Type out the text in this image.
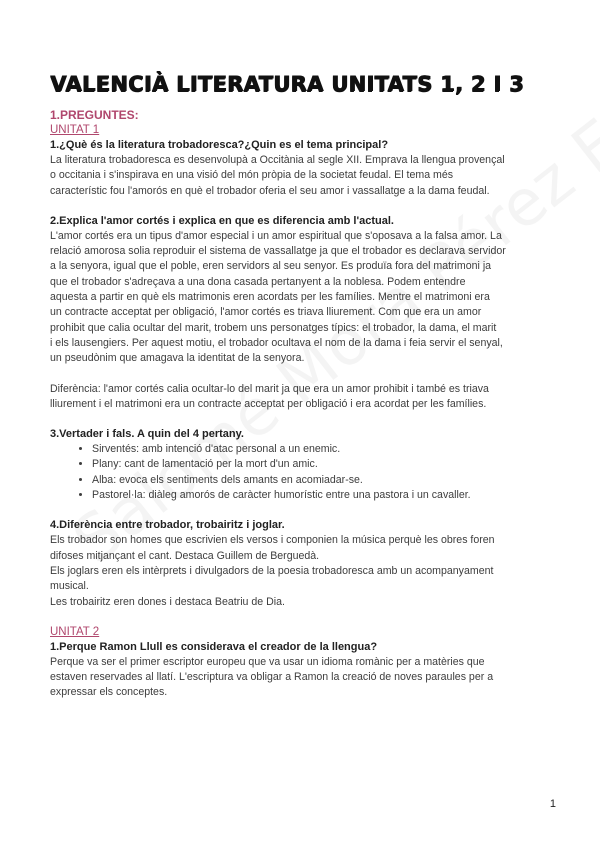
VALENCIÀ LITERATURA UNITATS 1, 2 I 3

1.PREGUNTES:

UNITAT 1

1.¿Què és la literatura trobadoresca?¿Quin es el tema principal?

La literatura trobadoresca es desenvolupà a Occitània al segle XII. Emprava la llengua provençal

o occitania i s'inspirava en una visió del món pròpia de la societat feudal. El tema més

característic fou l'amorós en què el trobador oferia el seu amor i vassallatge a la dama feudal.

2.Explica l'amor cortés i explica en que es diferencia amb l'actual.

L'amor cortés era un tipus d'amor especial i un amor espiritual que s'oposava a la falsa amor. La

relació amorosa solia reproduir el sistema de vassallatge ja que el trobador es declarava servidor

a la senyora, igual que el poble, eren servidors al seu senyor. Es produïa fora del matrimoni ja

que el trobador s'adreçava a una dona casada pertanyent a la noblesa. Podem entendre

aquesta a partir en què els matrimonis eren acordats per les famílies. Mentre el matrimoni era

un contracte acceptat per obligació, l'amor cortés es triava lliurement. Com que era un amor

prohibit que calia ocultar del marit, trobem uns personatges típics: el trobador, la dama, el marit

i els lausengiers. Per aquest motiu, el trobador ocultava el nom de la dama i feia servir el senyal,

un pseudònim que amagava la identitat de la senyora.

Diferència: l'amor cortés calia ocultar-lo del marit ja que era un amor prohibit i també es triava

lliurement i el matrimoni era un contracte acceptat per obligació i era acordat per les famílies.

3.Vertader i fals. A quin del 4 pertany.

• Sirventés: amb intenció d'atac personal a un enemic.
• Plany: cant de lamentació per la mort d'un amic.
• Alba: evoca els sentiments dels amants en acomiadar-se.
• Pastorel·la: diàleg amorós de caràcter humorístic entre una pastora i un cavaller.

4.Diferència entre trobador, trobairitz i joglar.

Els trobador son homes que escrivien els versos i componien la música perquè les obres foren

difoses mitjançant el cant. Destaca Guillem de Berguedà.

Els joglars eren els intèrprets i divulgadors de la poesia trobadoresca amb un acompanyament

musical.

Les trobairitz eren dones i destaca Beatriu de Dia.

UNITAT 2

1.Perque Ramon Llull es considerava el creador de la llengua?

Perque va ser el primer escriptor europeu que va usar un idioma romànic per a matèries que

estaven reservades al llatí. L'escriptura va obligar a Ramon la creació de noves paraules per a

expressar els conceptes.

1
